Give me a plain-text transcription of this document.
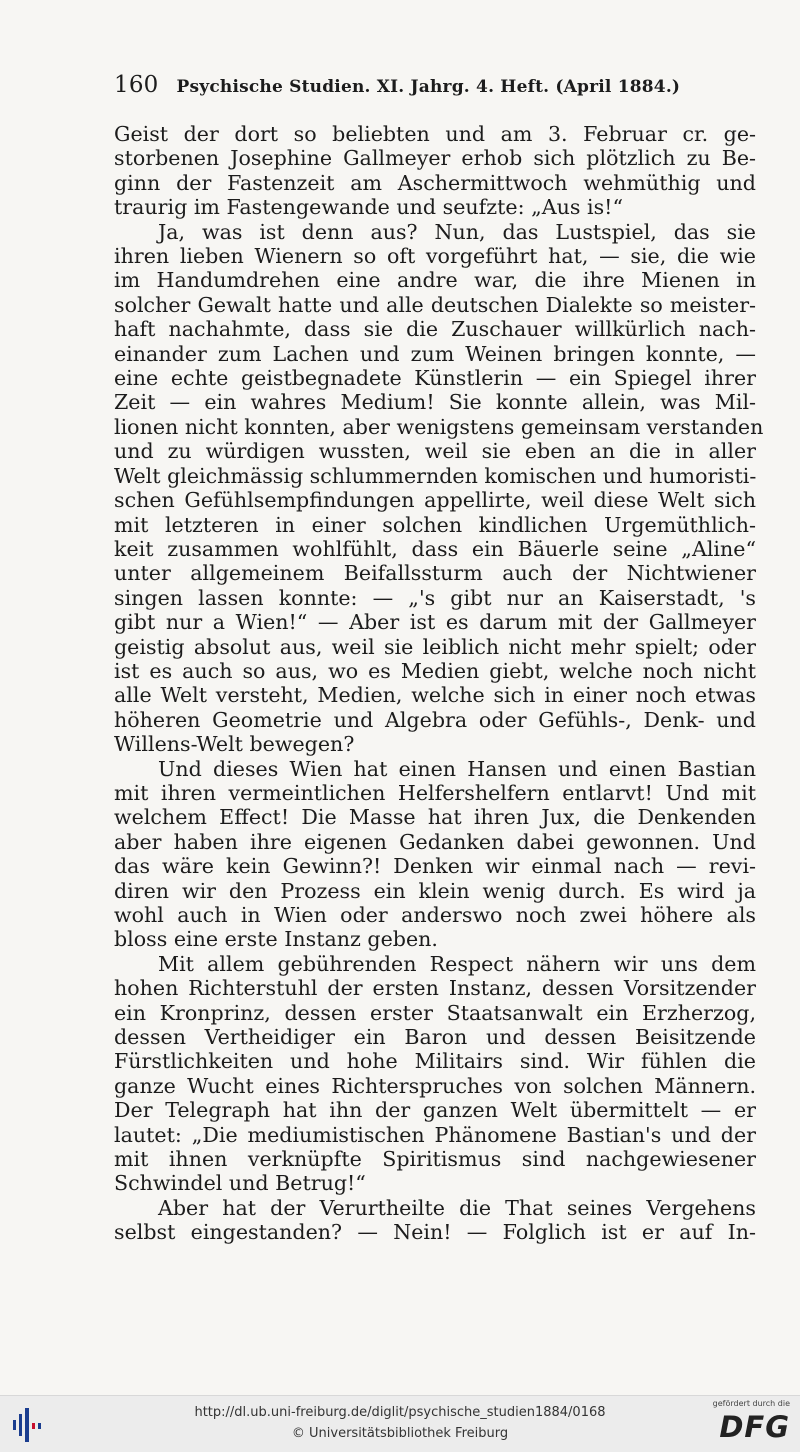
160 Psychische Studien. XI. Jahrg. 4. Heft. (April 1884.)
Geist der dort so beliebten und am 3. Februar cr. ge-
storbenen Josephine Gallmeyer erhob sich plötzlich zu Be-
ginn der Fastenzeit am Aschermittwoch wehmüthig und
traurig im Fastengewande und seufzte: „Aus is!“
Ja, was ist denn aus? Nun, das Lustspiel, das sie
ihren lieben Wienern so oft vorgeführt hat, — sie, die wie
im Handumdrehen eine andre war, die ihre Mienen in
solcher Gewalt hatte und alle deutschen Dialekte so meister-
haft nachahmte, dass sie die Zuschauer willkürlich nach-
einander zum Lachen und zum Weinen bringen konnte, —
eine echte geistbegnadete Künstlerin — ein Spiegel ihrer
Zeit — ein wahres Medium! Sie konnte allein, was Mil-
lionen nicht konnten, aber wenigstens gemeinsam verstanden
und zu würdigen wussten, weil sie eben an die in aller
Welt gleichmässig schlummernden komischen und humoristi-
schen Gefühlsempfindungen appellirte, weil diese Welt sich
mit letzteren in einer solchen kindlichen Urgemüthlich-
keit zusammen wohlfühlt, dass ein Bäuerle seine „Aline“
unter allgemeinem Beifallssturm auch der Nichtwiener
singen lassen konnte: — „'s gibt nur an Kaiserstadt, 's
gibt nur a Wien!“ — Aber ist es darum mit der Gallmeyer
geistig absolut aus, weil sie leiblich nicht mehr spielt; oder
ist es auch so aus, wo es Medien giebt, welche noch nicht
alle Welt versteht, Medien, welche sich in einer noch etwas
höheren Geometrie und Algebra oder Gefühls-, Denk- und
Willens-Welt bewegen?
Und dieses Wien hat einen Hansen und einen Bastian
mit ihren vermeintlichen Helfershelfern entlarvt! Und mit
welchem Effect! Die Masse hat ihren Jux, die Denkenden
aber haben ihre eigenen Gedanken dabei gewonnen. Und
das wäre kein Gewinn?! Denken wir einmal nach — revi-
diren wir den Prozess ein klein wenig durch. Es wird ja
wohl auch in Wien oder anderswo noch zwei höhere als
bloss eine erste Instanz geben.
Mit allem gebührenden Respect nähern wir uns dem
hohen Richterstuhl der ersten Instanz, dessen Vorsitzender
ein Kronprinz, dessen erster Staatsanwalt ein Erzherzog,
dessen Vertheidiger ein Baron und dessen Beisitzende
Fürstlichkeiten und hohe Militairs sind. Wir fühlen die
ganze Wucht eines Richterspruches von solchen Männern.
Der Telegraph hat ihn der ganzen Welt übermittelt — er
lautet: „Die mediumistischen Phänomene Bastian's und der
mit ihnen verknüpfte Spiritismus sind nachgewiesener
Schwindel und Betrug!“
Aber hat der Verurtheilte die That seines Vergehens
selbst eingestanden? — Nein! — Folglich ist er auf In-
http://dl.ub.uni-freiburg.de/diglit/psychische_studien1884/0168
© Universitätsbibliothek Freiburg
gefördert durch die
DFG
